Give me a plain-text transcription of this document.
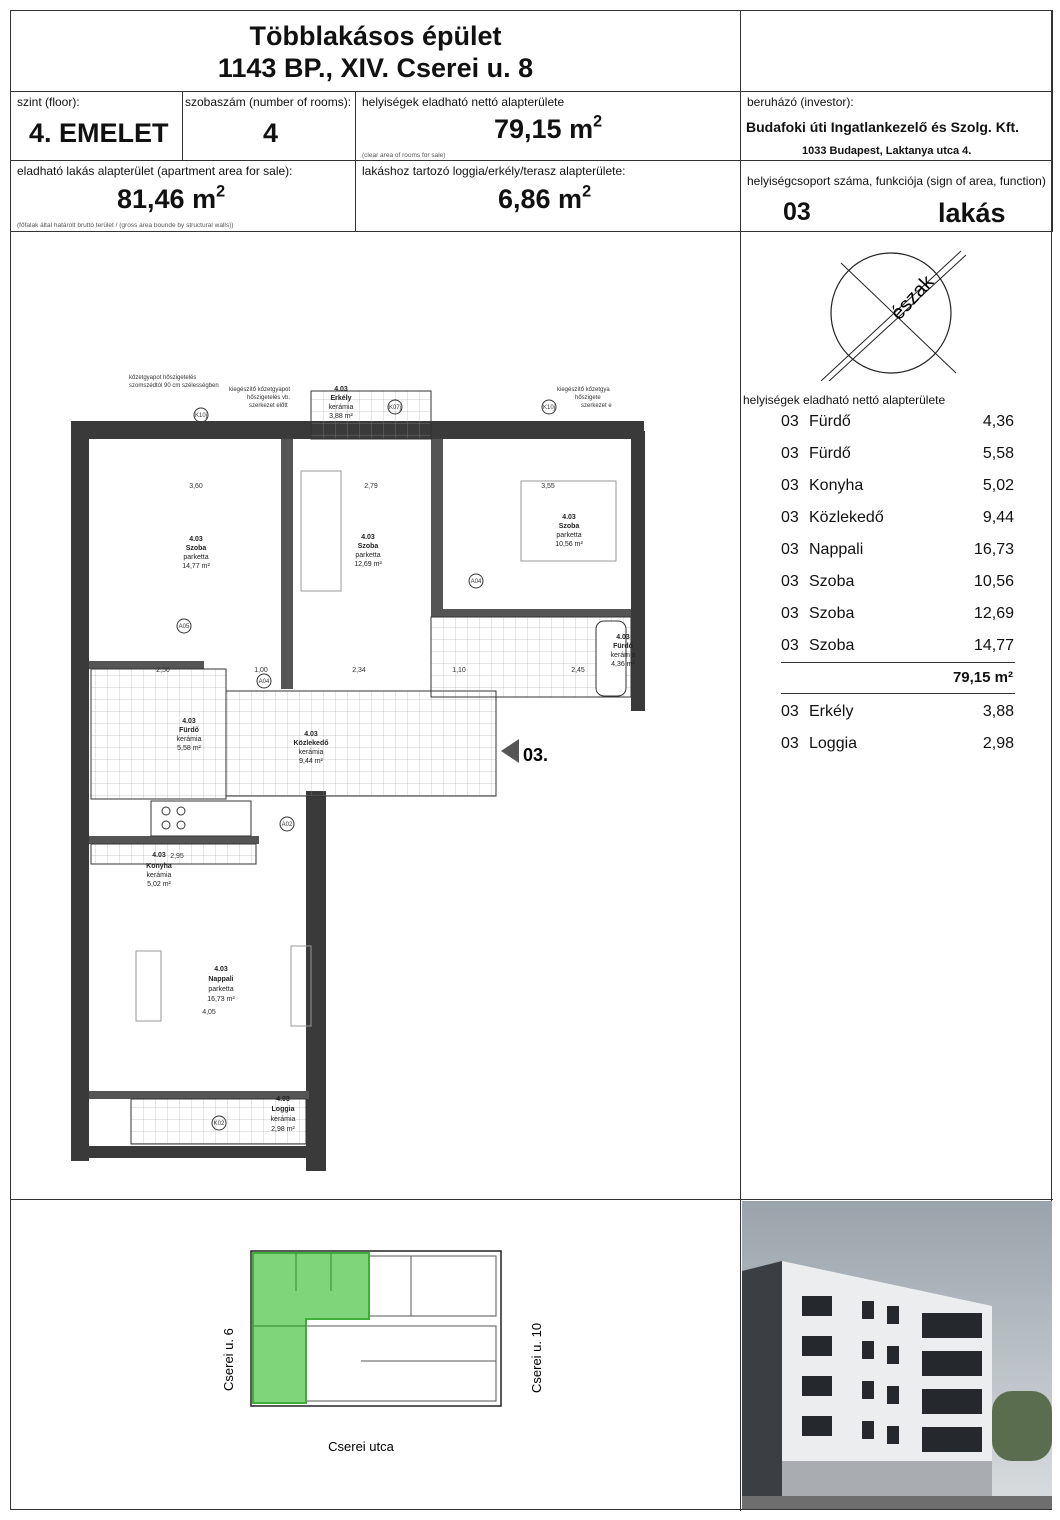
Többlakásos épület
1143 BP., XIV. Cserei u. 8
szint (floor):
4. EMELET
szobaszám (number of rooms):
4
helyiségek eladható nettó alapterülete
79,15 $m^2$
(clear area of rooms for sale)
beruházó (investor):
Budafoki úti Ingatlankezelő és Szolg. Kft.
1033 Budapest, Laktanya utca 4.
eladható lakás alapterület (apartment area for sale):
81,46 $m^2$
(főfalak által határolt bruttó terület / (gross area bounde by structural walls))
lakáshoz tartozó loggia/erkély/terasz alapterülete:
6,86 $m^2$
helyiségcsoport száma, funkciója (sign of area, function)
03	lakás
észak
helyiségek eladható nettó alapterülete
03 Fürdő	4,36
03 Fürdő	5,58
03 Konyha	5,02
03 Közlekedő	9,44
03 Nappali	16,73
03 Szoba	10,56
03 Szoba	12,69
03 Szoba	14,77
79,15 m²
03 Erkély	3,88
03 Loggia	2,98
4.03
Szoba
parketta
14,77 m²
4.03
Szoba
parketta
12,69 m²
4.03
Szoba
parketta
10,56 m²
4.03
Erkély
kerámia
3,88 m²
4.03
Fürdő
kerámia
5,58 m²
4.03
Közlekedő
kerámia
9,44 m²
4.03
Fürdő
kerámia
4,36 m²
4.03
Konyha
kerámia
5,02 m²
4.03
Nappali
parketta
16,73 m²
4.03
Loggia
kerámia
2,98 m²
kőzetgyapot hőszigetelés
szomszédtól 90 cm szélességben
kiegészítő kőzetgyapot
hőszigetelés vb.
szerkezet előtt
kiegészítő kőzetgya
hőszigete
szerkezet e
3,60	2,79	3,55
2,50	1,00	2,34	1,10	2,45
4,05
2,95
03.
K10j
K07j	K10j
A05
A04
A04
A02
K02
Cserei u. 6	Cserei u. 10
Cserei utca
